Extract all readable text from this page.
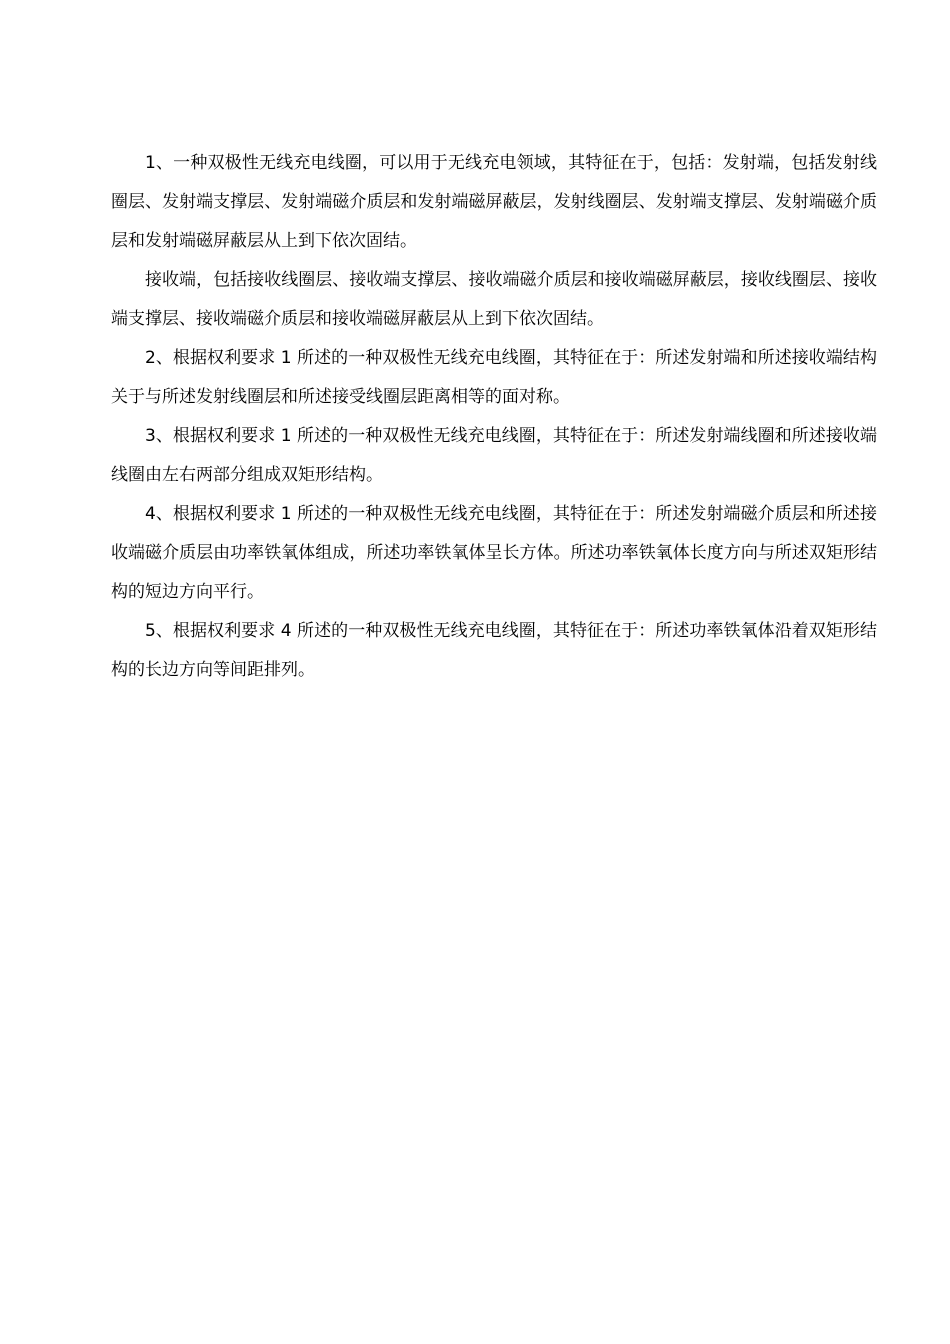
1、一种双极性无线充电线圈，可以用于无线充电领域，其特征在于，包括：发射端，包括发射线圈层、发射端支撑层、发射端磁介质层和发射端磁屏蔽层，发射线圈层、发射端支撑层、发射端磁介质层和发射端磁屏蔽层从上到下依次固结。

接收端，包括接收线圈层、接收端支撑层、接收端磁介质层和接收端磁屏蔽层，接收线圈层、接收端支撑层、接收端磁介质层和接收端磁屏蔽层从上到下依次固结。

2、根据权利要求 1 所述的一种双极性无线充电线圈，其特征在于：所述发射端和所述接收端结构关于与所述发射线圈层和所述接受线圈层距离相等的面对称。

3、根据权利要求 1 所述的一种双极性无线充电线圈，其特征在于：所述发射端线圈和所述接收端线圈由左右两部分组成双矩形结构。

4、根据权利要求 1 所述的一种双极性无线充电线圈，其特征在于：所述发射端磁介质层和所述接收端磁介质层由功率铁氧体组成，所述功率铁氧体呈长方体。所述功率铁氧体长度方向与所述双矩形结构的短边方向平行。

5、根据权利要求 4 所述的一种双极性无线充电线圈，其特征在于：所述功率铁氧体沿着双矩形结构的长边方向等间距排列。
